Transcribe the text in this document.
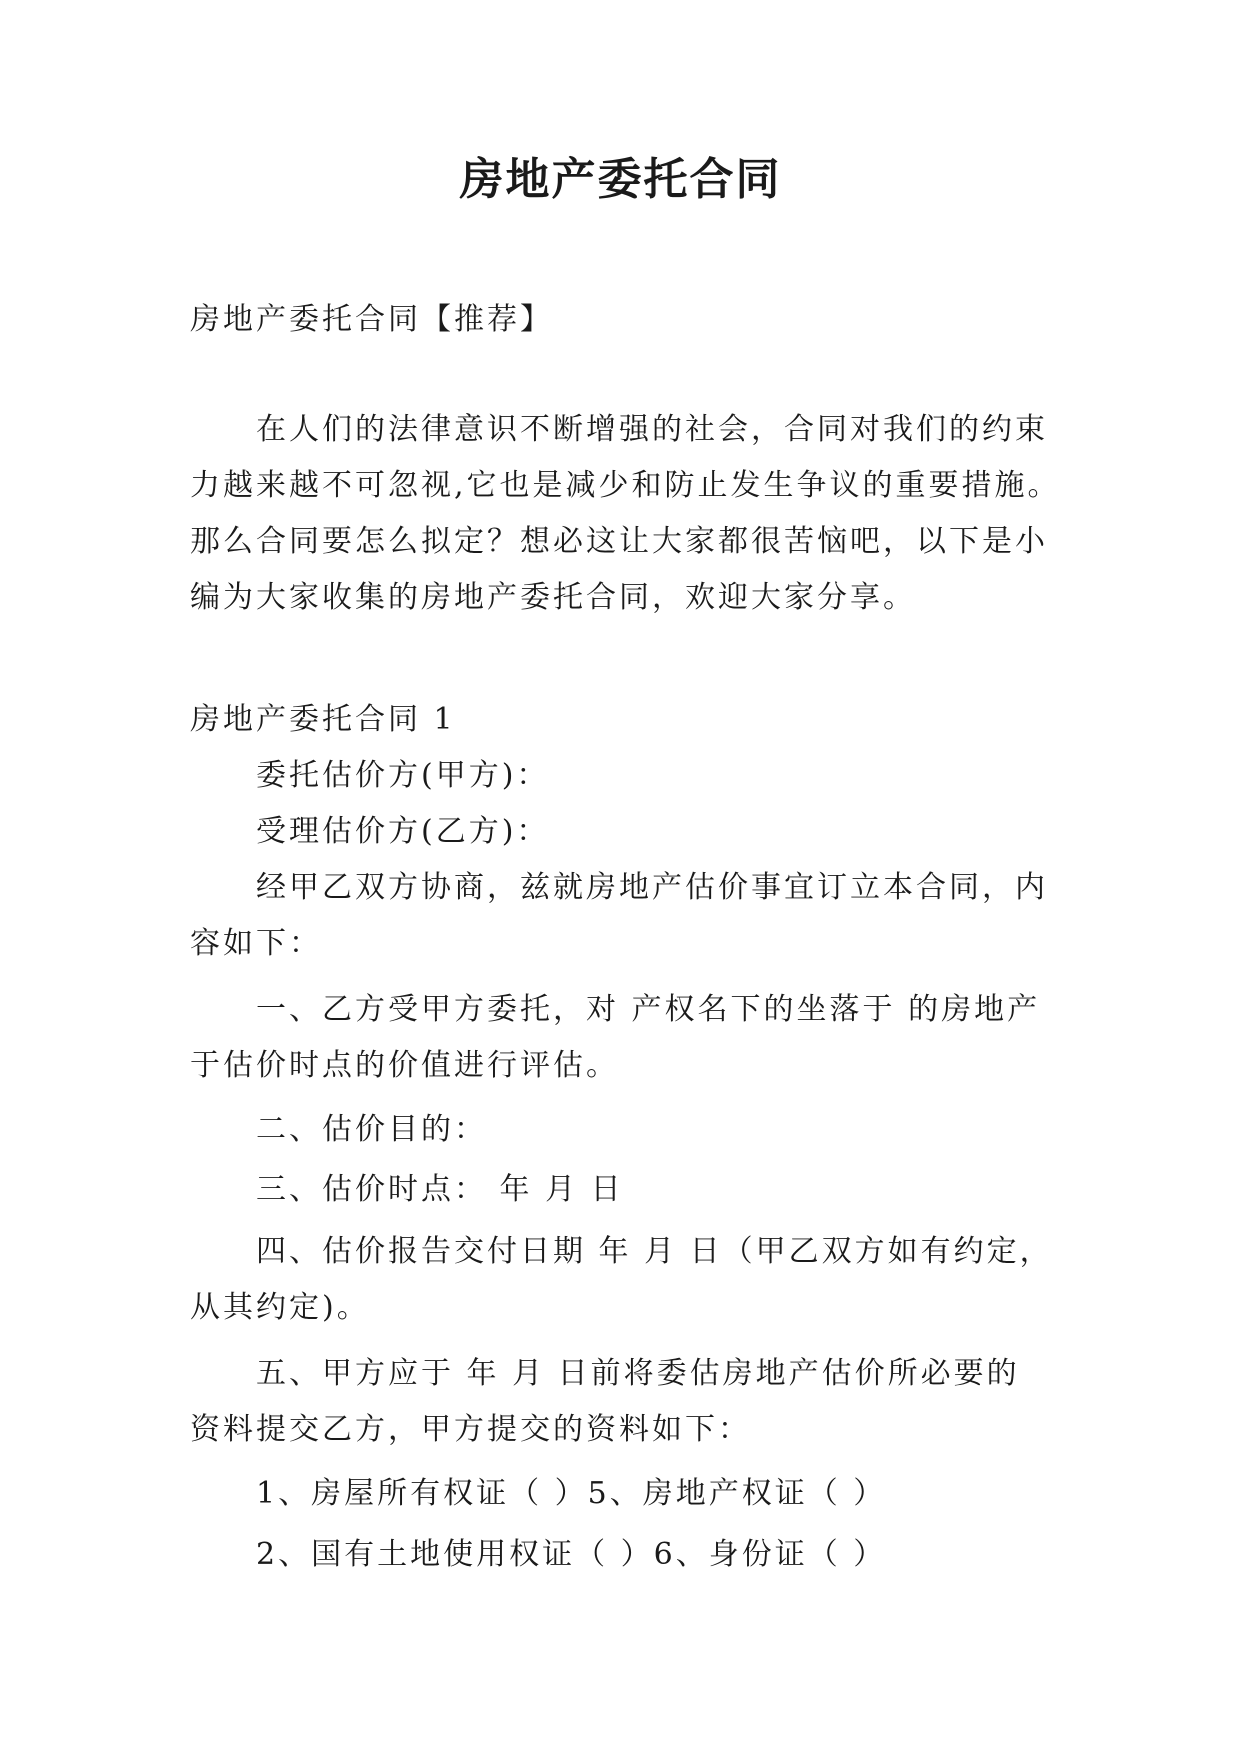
房地产委托合同
房地产委托合同【推荐】
在人们的法律意识不断增强的社会，合同对我们的约束
力越来越不可忽视,它也是减少和防止发生争议的重要措施。
那么合同要怎么拟定？想必这让大家都很苦恼吧，以下是小
编为大家收集的房地产委托合同，欢迎大家分享。
房地产委托合同 1
委托估价方(甲方)：
受理估价方(乙方)：
经甲乙双方协商，兹就房地产估价事宜订立本合同，内
容如下：
一、乙方受甲方委托，对 产权名下的坐落于 的房地产
于估价时点的价值进行评估。
二、估价目的：
三、估价时点： 年 月 日
四、估价报告交付日期 年 月 日（甲乙双方如有约定，
从其约定)。
五、甲方应于 年 月 日前将委估房地产估价所必要的
资料提交乙方，甲方提交的资料如下：
1、房屋所有权证（ ）5、房地产权证（ ）
2、国有土地使用权证（ ）6、身份证（ ）
